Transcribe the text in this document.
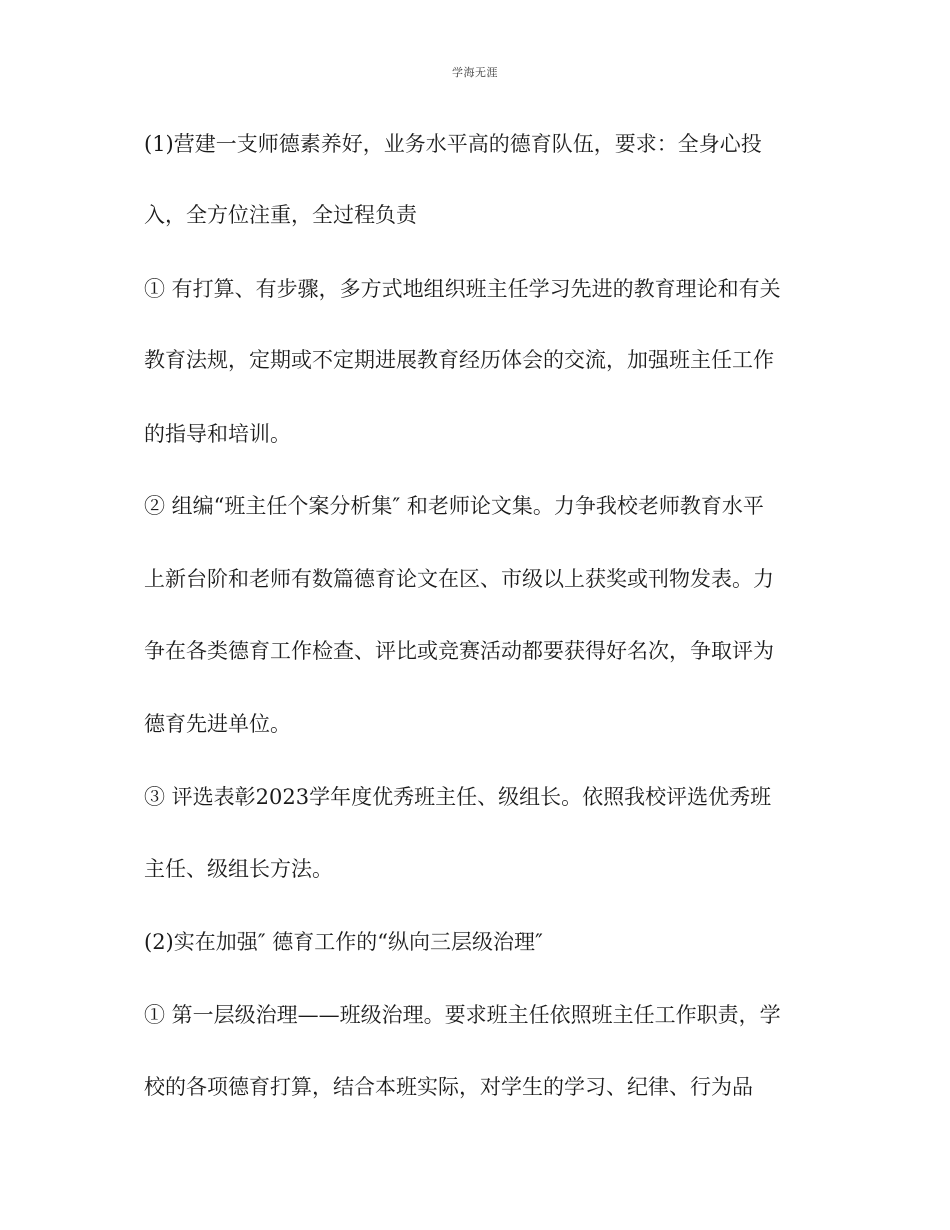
学海无涯
(1)营建一支师德素养好，业务水平高的德育队伍，要求：全身心投
入，全方位注重，全过程负责
① 有打算、有步骤，多方式地组织班主任学习先进的教育理论和有关
教育法规，定期或不定期进展教育经历体会的交流，加强班主任工作
的指导和培训。
② 组编“班主任个案分析集″ 和老师论文集。力争我校老师教育水平
上新台阶和老师有数篇德育论文在区、市级以上获奖或刊物发表。力
争在各类德育工作检查、评比或竞赛活动都要获得好名次，争取评为
德育先进单位。
③ 评选表彰2023学年度优秀班主任、级组长。依照我校评选优秀班
主任、级组长方法。
(2)实在加强″ 德育工作的“纵向三层级治理″
① 第一层级治理——班级治理。要求班主任依照班主任工作职责，学
校的各项德育打算，结合本班实际，对学生的学习、纪律、行为品
